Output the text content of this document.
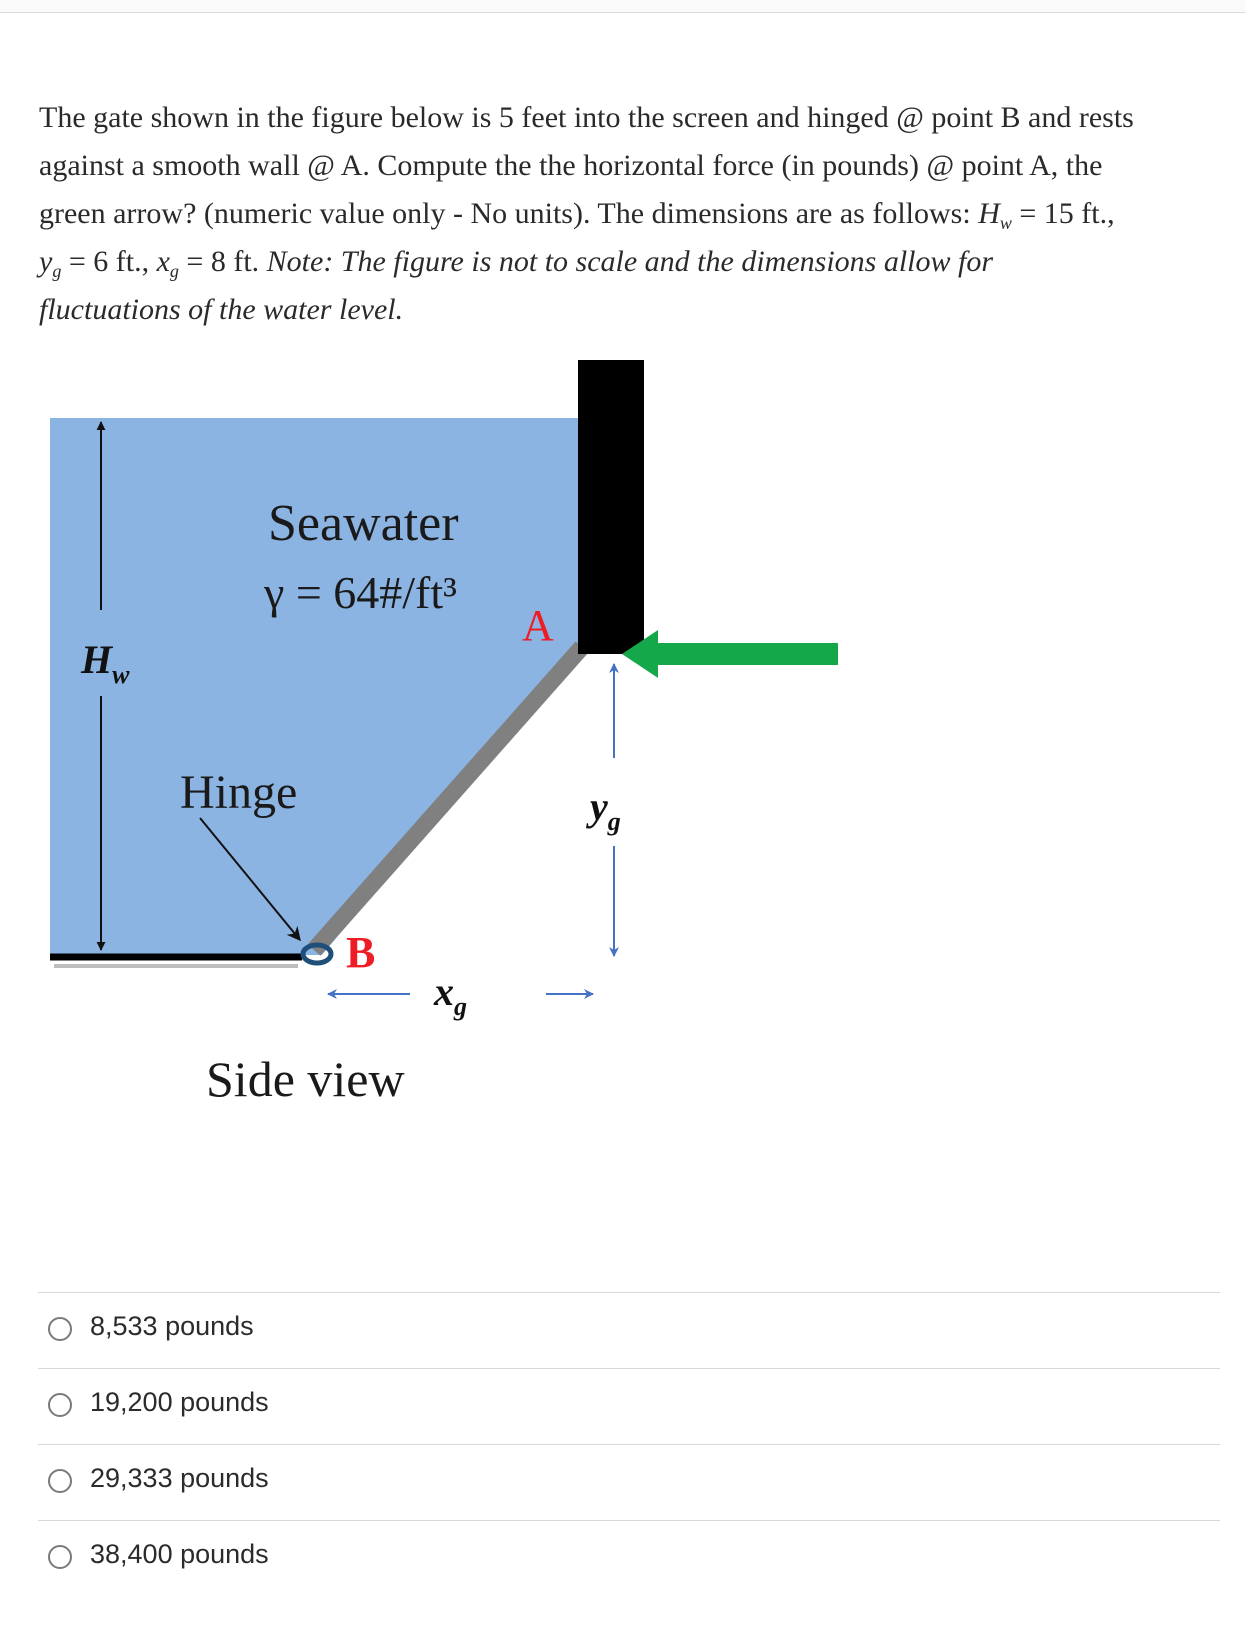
The gate shown in the figure below is 5 feet into the screen and hinged @ point B and rests
against a smooth wall @ A. Compute the the horizontal force (in pounds) @ point A, the
green arrow? (numeric value only - No units). The dimensions are as follows: $H_w = 15$ ft.,
$y_g = 6$ ft., $x_g = 8$ ft. Note: The figure is not to scale and the dimensions allow for
fluctuations of the water level.
$H_w$
Seawater
γ = 64#/ft³
A
$y_g$
Hinge
B
$x_g$
Side view
8,533 pounds
19,200 pounds
29,333 pounds
38,400 pounds
